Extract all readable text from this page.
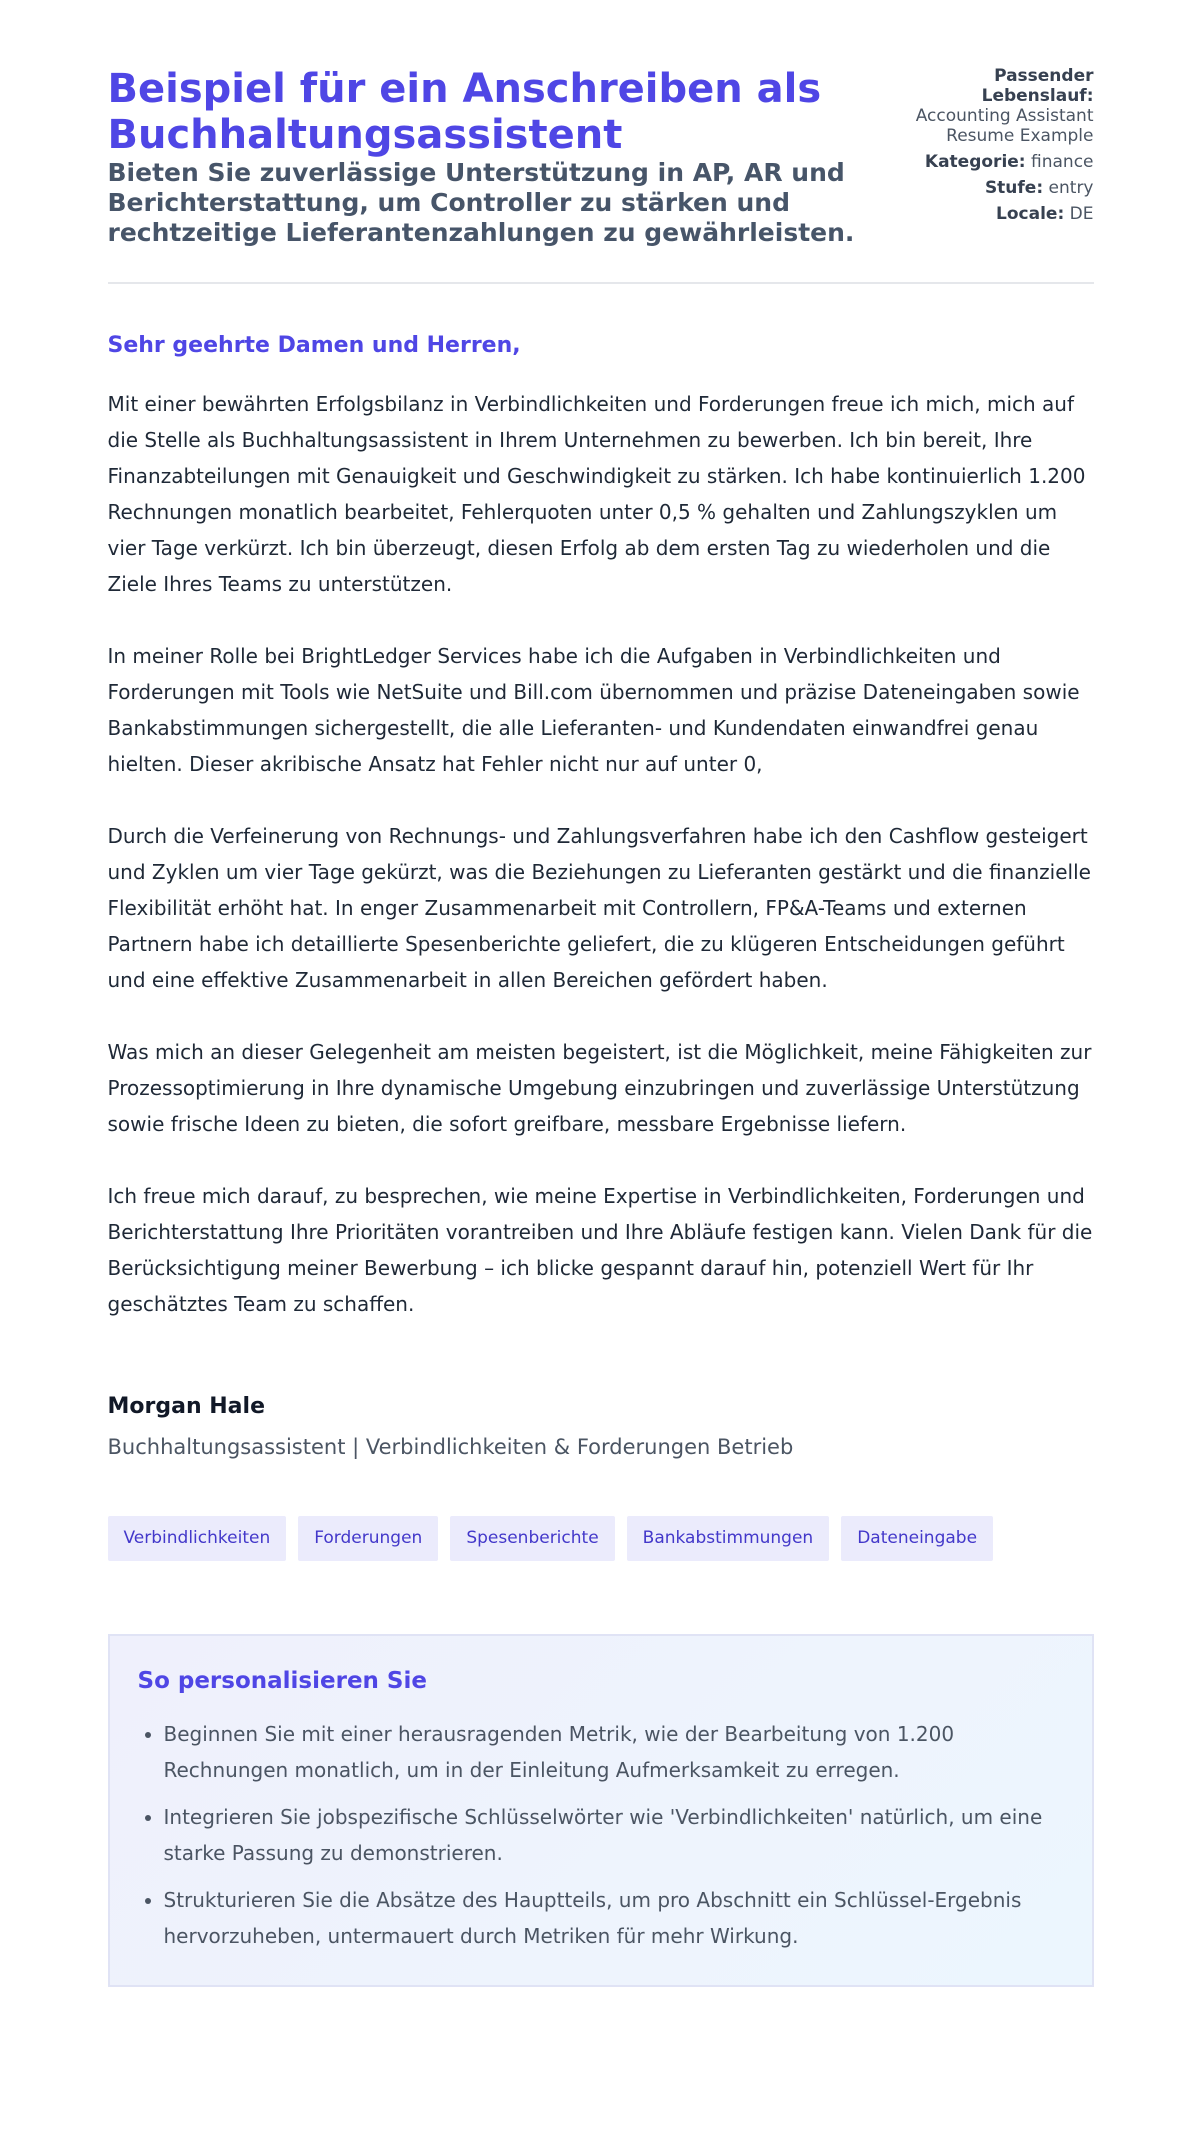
Beispiel für ein Anschreiben als Buchhaltungsassistent
Bieten Sie zuverlässige Unterstützung in AP, AR und Berichterstattung, um Controller zu stärken und rechtzeitige Lieferantenzahlungen zu gewährleisten.
Passender Lebenslauf:
Accounting Assistant Resume Example
Kategorie: finance
Stufe: entry
Locale: DE

Sehr geehrte Damen und Herren,

Mit einer bewährten Erfolgsbilanz in Verbindlichkeiten und Forderungen freue ich mich, mich auf die Stelle als Buchhaltungsassistent in Ihrem Unternehmen zu bewerben. Ich bin bereit, Ihre Finanzabteilungen mit Genauigkeit und Geschwindigkeit zu stärken. Ich habe kontinuierlich 1.200 Rechnungen monatlich bearbeitet, Fehlerquoten unter 0,5 % gehalten und Zahlungszyklen um vier Tage verkürzt. Ich bin überzeugt, diesen Erfolg ab dem ersten Tag zu wiederholen und die Ziele Ihres Teams zu unterstützen.

In meiner Rolle bei BrightLedger Services habe ich die Aufgaben in Verbindlichkeiten und Forderungen mit Tools wie NetSuite und Bill.com übernommen und präzise Dateneingaben sowie Bankabstimmungen sichergestellt, die alle Lieferanten- und Kundendaten einwandfrei genau hielten. Dieser akribische Ansatz hat Fehler nicht nur auf unter 0,

Durch die Verfeinerung von Rechnungs- und Zahlungsverfahren habe ich den Cashflow gesteigert und Zyklen um vier Tage gekürzt, was die Beziehungen zu Lieferanten gestärkt und die finanzielle Flexibilität erhöht hat. In enger Zusammenarbeit mit Controllern, FP&A-Teams und externen Partnern habe ich detaillierte Spesenberichte geliefert, die zu klügeren Entscheidungen geführt und eine effektive Zusammenarbeit in allen Bereichen gefördert haben.

Was mich an dieser Gelegenheit am meisten begeistert, ist die Möglichkeit, meine Fähigkeiten zur Prozessoptimierung in Ihre dynamische Umgebung einzubringen und zuverlässige Unterstützung sowie frische Ideen zu bieten, die sofort greifbare, messbare Ergebnisse liefern.

Ich freue mich darauf, zu besprechen, wie meine Expertise in Verbindlichkeiten, Forderungen und Berichterstattung Ihre Prioritäten vorantreiben und Ihre Abläufe festigen kann. Vielen Dank für die Berücksichtigung meiner Bewerbung – ich blicke gespannt darauf hin, potenziell Wert für Ihr geschätztes Team zu schaffen.

Morgan Hale

Buchhaltungsassistent | Verbindlichkeiten & Forderungen Betrieb

Verbindlichkeiten	Forderungen	Spesenberichte	Bankabstimmungen	Dateneingabe
So personalisieren Sie
• Beginnen Sie mit einer herausragenden Metrik, wie der Bearbeitung von 1.200 Rechnungen monatlich, um in der Einleitung Aufmerksamkeit zu erregen.
• Integrieren Sie jobspezifische Schlüsselwörter wie 'Verbindlichkeiten' natürlich, um eine starke Passung zu demonstrieren.
• Strukturieren Sie die Absätze des Hauptteils, um pro Abschnitt ein Schlüssel-Ergebnis hervorzuheben, untermauert durch Metriken für mehr Wirkung.
